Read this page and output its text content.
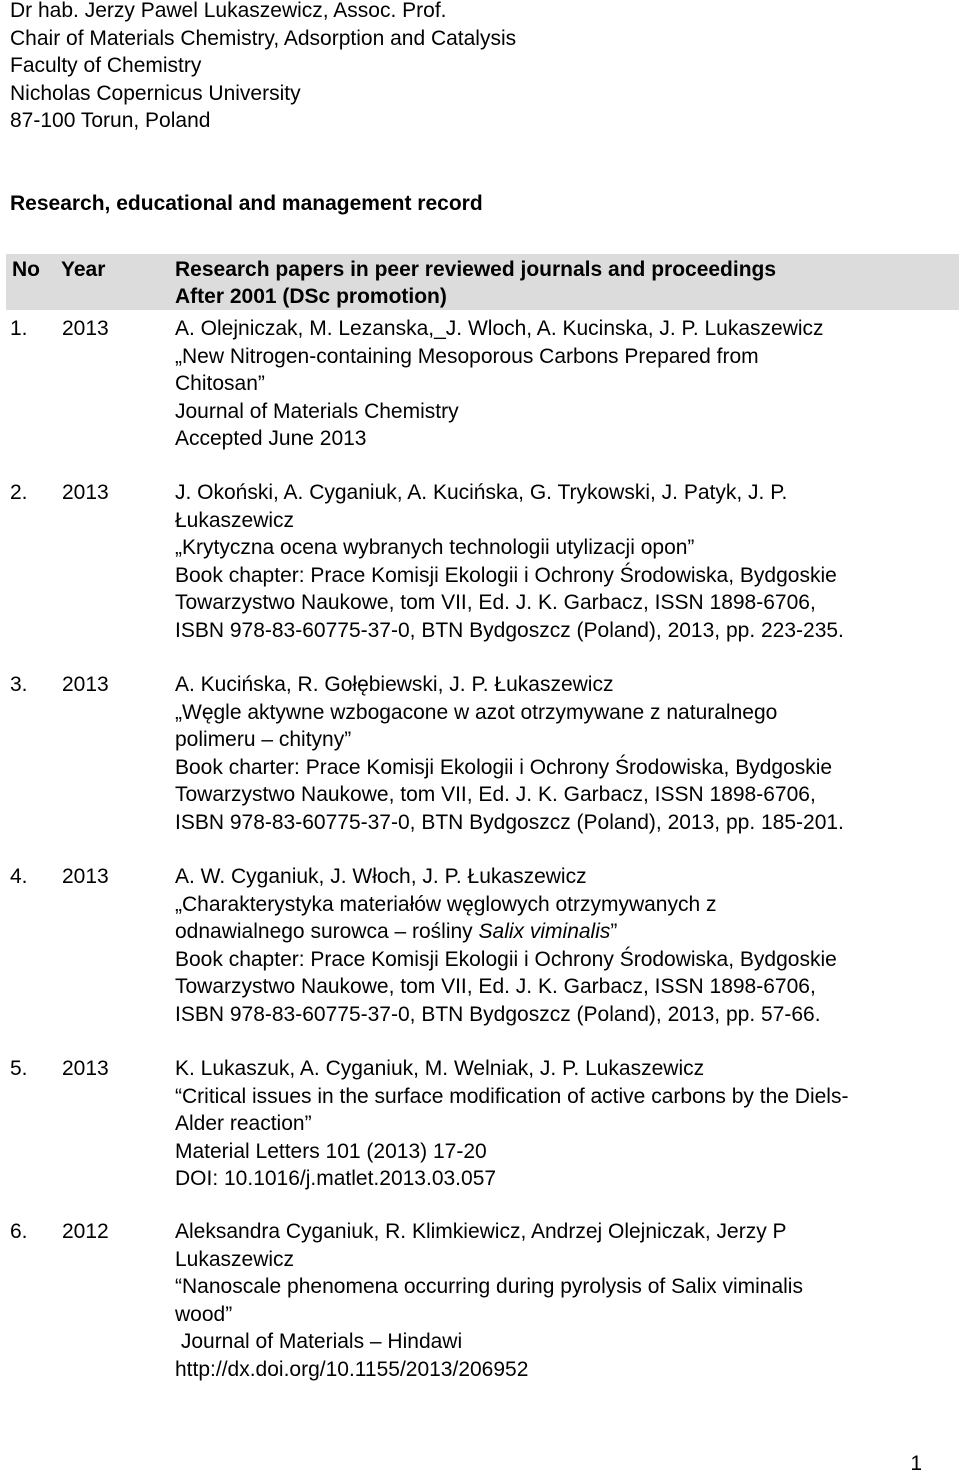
Dr hab. Jerzy Pawel Lukaszewicz, Assoc. Prof.
Chair of Materials Chemistry, Adsorption and Catalysis
Faculty of Chemistry
Nicholas Copernicus University
87-100 Torun, Poland
Research, educational and management record
No Year	Research papers in peer reviewed journals and proceedings
After 2001 (DSc promotion)
1. 2013	A. Olejniczak, M. Lezanska,_J. Wloch, A. Kucinska, J. P. Lukaszewicz
„New Nitrogen-containing Mesoporous Carbons Prepared from
Chitosan”
Journal of Materials Chemistry
Accepted June 2013
2. 2013	J. Okoński, A. Cyganiuk, A. Kucińska, G. Trykowski, J. Patyk, J. P.
Łukaszewicz
„Krytyczna ocena wybranych technologii utylizacji opon”
Book chapter: Prace Komisji Ekologii i Ochrony Środowiska, Bydgoskie
Towarzystwo Naukowe, tom VII, Ed. J. K. Garbacz, ISSN 1898-6706,
ISBN 978-83-60775-37-0, BTN Bydgoszcz (Poland), 2013, pp. 223-235.
3. 2013	A. Kucińska, R. Gołębiewski, J. P. Łukaszewicz
„Węgle aktywne wzbogacone w azot otrzymywane z naturalnego
polimeru – chityny”
Book charter: Prace Komisji Ekologii i Ochrony Środowiska, Bydgoskie
Towarzystwo Naukowe, tom VII, Ed. J. K. Garbacz, ISSN 1898-6706,
ISBN 978-83-60775-37-0, BTN Bydgoszcz (Poland), 2013, pp. 185-201.
4. 2013	A. W. Cyganiuk, J. Włoch, J. P. Łukaszewicz
„Charakterystyka materiałów węglowych otrzymywanych z
odnawialnego surowca – rośliny Salix viminalis”
Book chapter: Prace Komisji Ekologii i Ochrony Środowiska, Bydgoskie
Towarzystwo Naukowe, tom VII, Ed. J. K. Garbacz, ISSN 1898-6706,
ISBN 978-83-60775-37-0, BTN Bydgoszcz (Poland), 2013, pp. 57-66.
5. 2013	K. Lukaszuk, A. Cyganiuk, M. Welniak, J. P. Lukaszewicz
“Critical issues in the surface modification of active carbons by the Diels-
Alder reaction”
Material Letters 101 (2013) 17-20
DOI: 10.1016/j.matlet.2013.03.057
6. 2012	Aleksandra Cyganiuk, R. Klimkiewicz, Andrzej Olejniczak, Jerzy P
Lukaszewicz
“Nanoscale phenomena occurring during pyrolysis of Salix viminalis
wood”
Journal of Materials – Hindawi
http://dx.doi.org/10.1155/2013/206952
1
